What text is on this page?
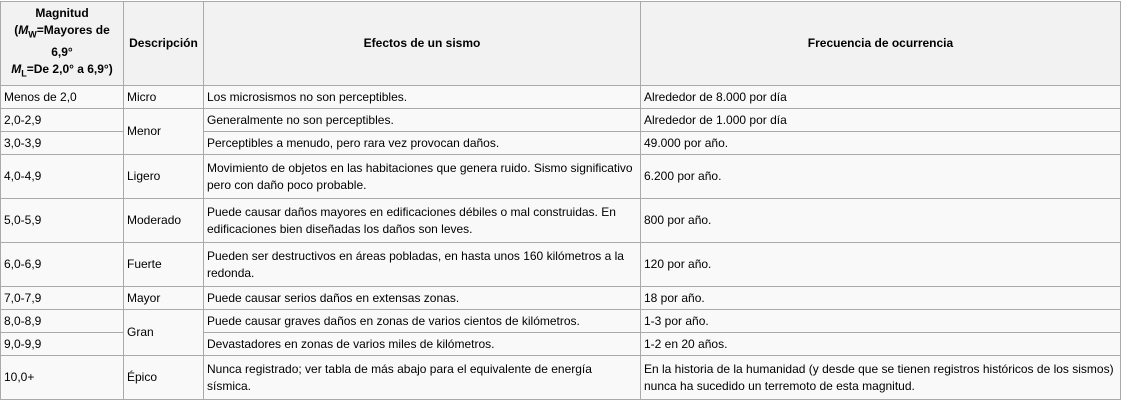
Magnitud
($M_W=Mayores$ de 6,9°
$M_L=De$ 2,0° a 6,9°)	Descripción	Efectos de un sismo	Frecuencia de ocurrencia
Menos de 2,0	Micro	Los microsismos no son perceptibles.	Alrededor de 8.000 por día
2,0-2,9	Menor	Generalmente no son perceptibles.	Alrededor de 1.000 por día
3,0-3,9		Perceptibles a menudo, pero rara vez provocan daños.	49.000 por año.
4,0-4,9	Ligero	Movimiento de objetos en las habitaciones que genera ruido. Sismo significativo pero con daño poco probable.	6.200 por año.
5,0-5,9	Moderado	Puede causar daños mayores en edificaciones débiles o mal construidas. En edificaciones bien diseñadas los daños son leves.	800 por año.
6,0-6,9	Fuerte	Pueden ser destructivos en áreas pobladas, en hasta unos 160 kilómetros a la redonda.	120 por año.
7,0-7,9	Mayor	Puede causar serios daños en extensas zonas.	18 por año.
8,0-8,9	Gran	Puede causar graves daños en zonas de varios cientos de kilómetros.	1-3 por año.
9,0-9,9		Devastadores en zonas de varios miles de kilómetros.	1-2 en 20 años.
10,0+	Épico	Nunca registrado; ver tabla de más abajo para el equivalente de energía sísmica.	En la historia de la humanidad (y desde que se tienen registros históricos de los sismos) nunca ha sucedido un terremoto de esta magnitud.
